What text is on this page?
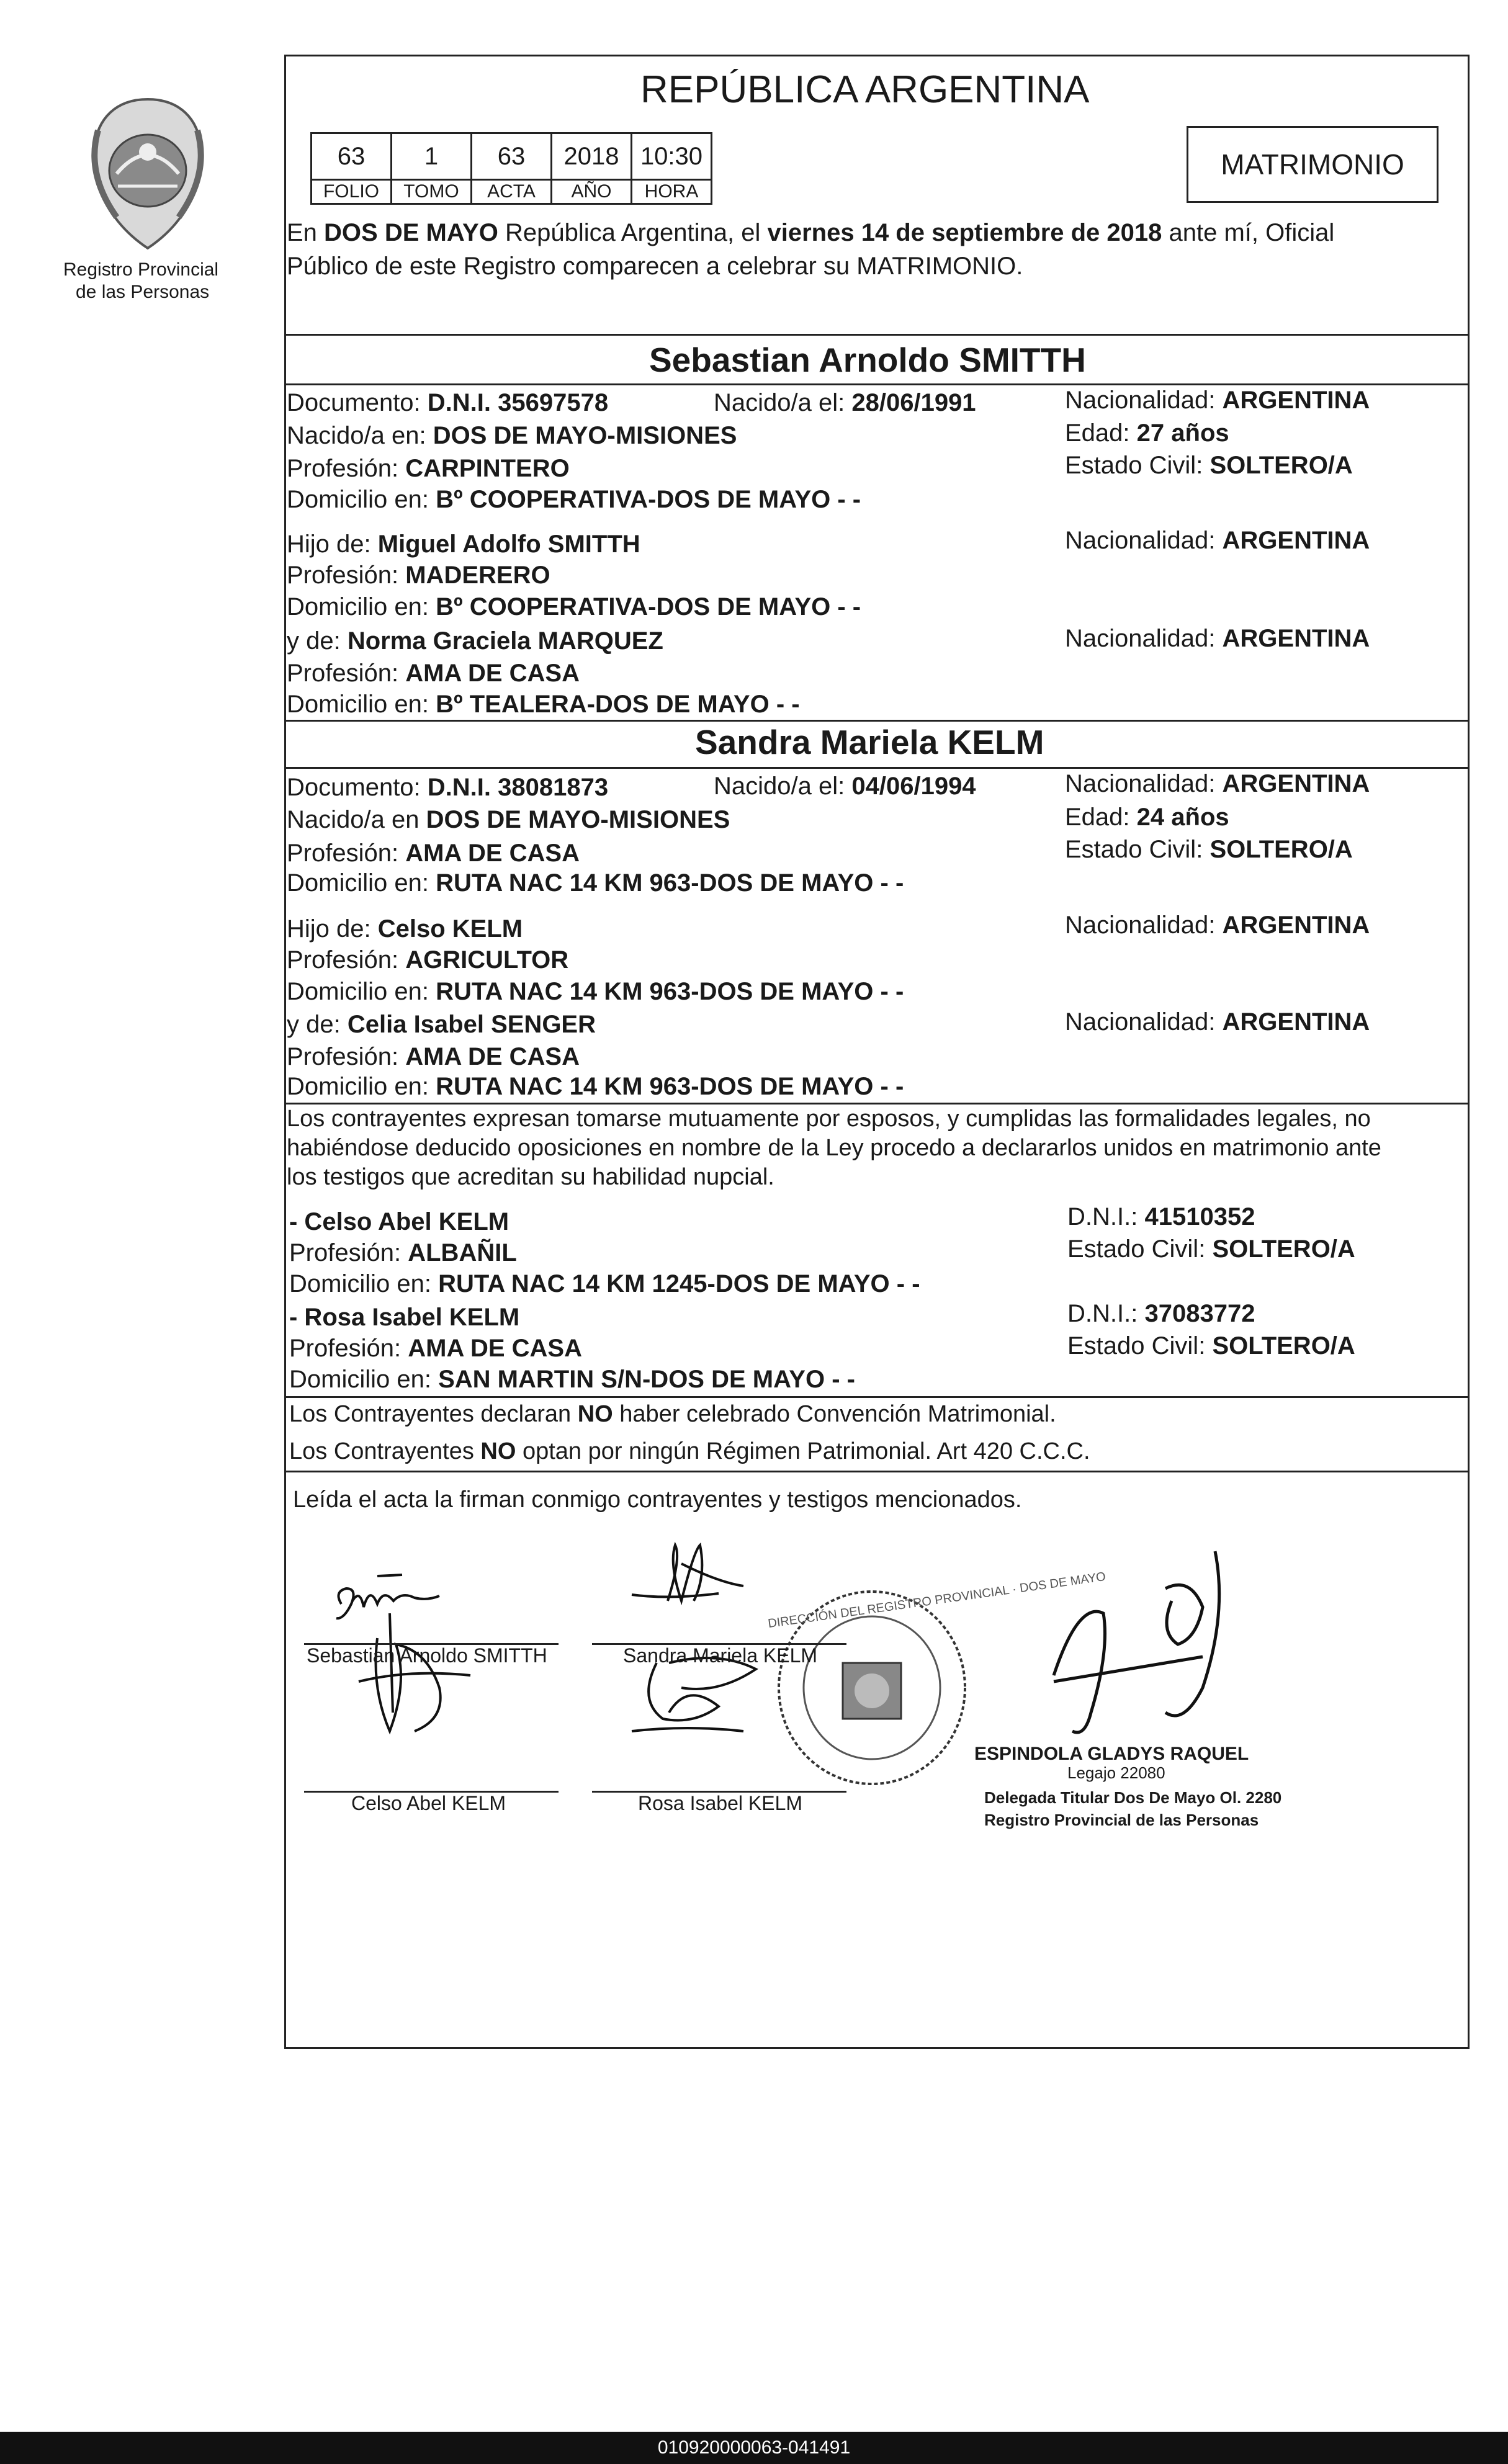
Registro Provincial
de las Personas
REPÚBLICA ARGENTINA
63	1	63	2018	10:30
FOLIO	TOMO	ACTA	AÑO	HORA
MATRIMONIO
En DOS DE MAYO República Argentina, el viernes 14 de septiembre de 2018 ante mí, Oficial
Público de este Registro comparecen a celebrar su MATRIMONIO.
Sebastian Arnoldo SMITTH
Documento: D.N.I. 35697578	Nacido/a el: 28/06/1991	Nacionalidad: ARGENTINA
Nacido/a en: DOS DE MAYO-MISIONES	Edad: 27 años
Profesión: CARPINTERO	Estado Civil: SOLTERO/A
Domicilio en: Bº COOPERATIVA-DOS DE MAYO - -
Hijo de: Miguel Adolfo SMITTH	Nacionalidad: ARGENTINA
Profesión: MADERERO
Domicilio en: Bº COOPERATIVA-DOS DE MAYO - -
y de: Norma Graciela MARQUEZ	Nacionalidad: ARGENTINA
Profesión: AMA DE CASA
Domicilio en: Bº TEALERA-DOS DE MAYO - -
Sandra Mariela KELM
Documento: D.N.I. 38081873	Nacido/a el: 04/06/1994	Nacionalidad: ARGENTINA
Nacido/a en DOS DE MAYO-MISIONES	Edad: 24 años
Profesión: AMA DE CASA	Estado Civil: SOLTERO/A
Domicilio en: RUTA NAC 14 KM 963-DOS DE MAYO - -
Hijo de: Celso KELM	Nacionalidad: ARGENTINA
Profesión: AGRICULTOR
Domicilio en: RUTA NAC 14 KM 963-DOS DE MAYO - -
y de: Celia Isabel SENGER	Nacionalidad: ARGENTINA
Profesión: AMA DE CASA
Domicilio en: RUTA NAC 14 KM 963-DOS DE MAYO - -
Los contrayentes expresan tomarse mutuamente por esposos, y cumplidas las formalidades legales, no
habiéndose deducido oposiciones en nombre de la Ley procedo a declararlos unidos en matrimonio ante
los testigos que acreditan su habilidad nupcial.
- Celso Abel KELM	D.N.I.: 41510352
Profesión: ALBAÑIL	Estado Civil: SOLTERO/A
Domicilio en: RUTA NAC 14 KM 1245-DOS DE MAYO - -
- Rosa Isabel KELM	D.N.I.: 37083772
Profesión: AMA DE CASA	Estado Civil: SOLTERO/A
Domicilio en: SAN MARTIN S/N-DOS DE MAYO - -
Los Contrayentes declaran NO haber celebrado Convención Matrimonial.
Los Contrayentes NO optan por ningún Régimen Patrimonial. Art 420 C.C.C.
Leída el acta la firman conmigo contrayentes y testigos mencionados.
DIRECCIÓN DEL REGISTRO PROVINCIAL · DOS DE MAYO
Sebastian Arnoldo SMITTH	Sandra Mariela KELM
Celso Abel KELM	Rosa Isabel KELM
ESPINDOLA GLADYS RAQUEL
Legajo 22080
Delegada Titular Dos De Mayo Ol. 2280
Registro Provincial de las Personas
010920000063-041491
